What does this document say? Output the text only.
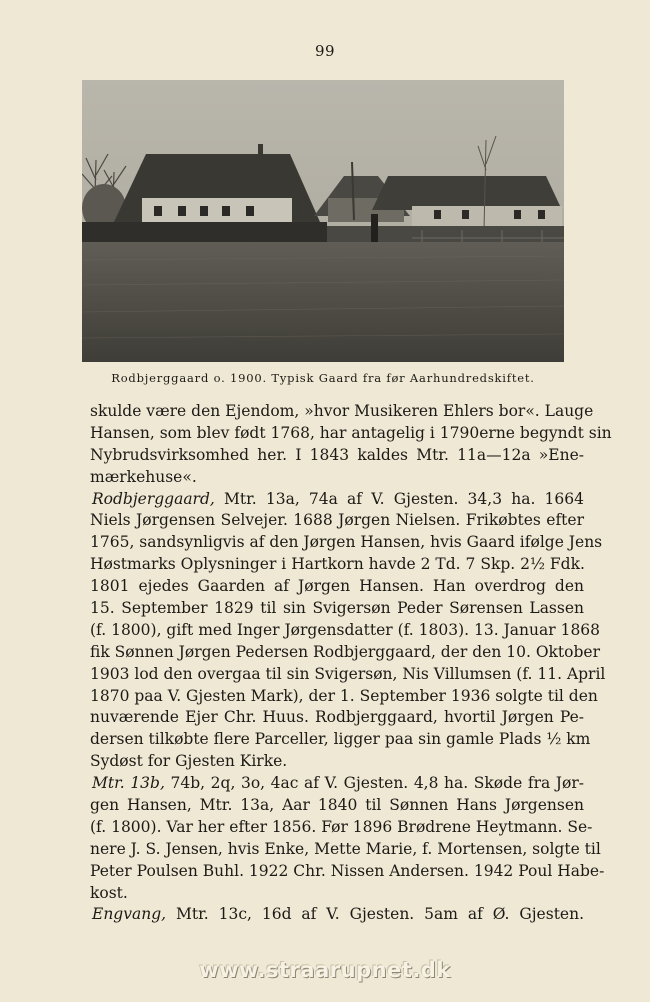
99
Rodbjerggaard o. 1900. Typisk Gaard fra før Aarhundredskiftet.
skulde være den Ejendom, »hvor Musikeren Ehlers bor«. Lauge
Hansen, som blev født 1768, har antagelig i 1790erne begyndt sin
Nybrudsvirksomhed her. I 1843 kaldes Mtr. 11a—12a »Ene-
mærkehuse«.
Rodbjerggaard, Mtr. 13a, 74a af V. Gjesten. 34,3 ha. 1664
Niels Jørgensen Selvejer. 1688 Jørgen Nielsen. Frikøbtes efter
1765, sandsynligvis af den Jørgen Hansen, hvis Gaard ifølge Jens
Høstmarks Oplysninger i Hartkorn havde 2 Td. 7 Skp. 2½ Fdk.
1801 ejedes Gaarden af Jørgen Hansen. Han overdrog den
15. September 1829 til sin Svigersøn Peder Sørensen Lassen
(f. 1800), gift med Inger Jørgensdatter (f. 1803). 13. Januar 1868
fik Sønnen Jørgen Pedersen Rodbjerggaard, der den 10. Oktober
1903 lod den overgaa til sin Svigersøn, Nis Villumsen (f. 11. April
1870 paa V. Gjesten Mark), der 1. September 1936 solgte til den
nuværende Ejer Chr. Huus. Rodbjerggaard, hvortil Jørgen Pe-
dersen tilkøbte flere Parceller, ligger paa sin gamle Plads ½ km
Sydøst for Gjesten Kirke.
Mtr. 13b, 74b, 2q, 3o, 4ac af V. Gjesten. 4,8 ha. Skøde fra Jør-
gen Hansen, Mtr. 13a, Aar 1840 til Sønnen Hans Jørgensen
(f. 1800). Var her efter 1856. Før 1896 Brødrene Heytmann. Se-
nere J. S. Jensen, hvis Enke, Mette Marie, f. Mortensen, solgte til
Peter Poulsen Buhl. 1922 Chr. Nissen Andersen. 1942 Poul Habe-
kost.
Engvang, Mtr. 13c, 16d af V. Gjesten. 5am af Ø. Gjesten.
www.straarupnet.dk
